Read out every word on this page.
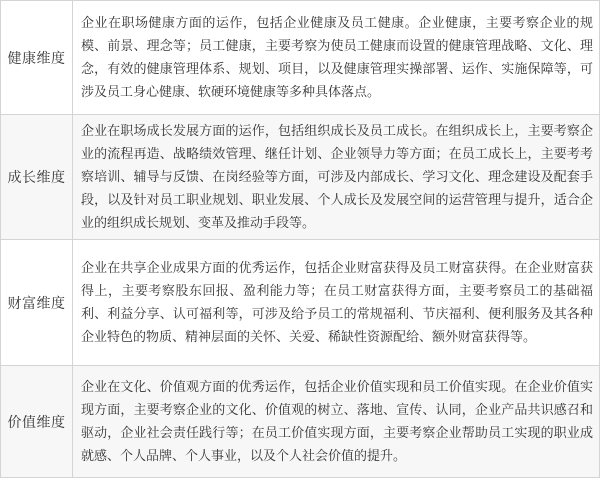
健康维度	企业在职场健康方面的运作，包括企业健康及员工健康。企业健康，主要考察企业的规模、前景、理念等；员工健康，主要考察为使员工健康而设置的健康管理战略、文化、理念，有效的健康管理体系、规划、项目，以及健康管理实操部署、运作、实施保障等，可涉及员工身心健康、软硬环境健康等多种具体落点。
成长维度	企业在职场成长发展方面的运作，包括组织成长及员工成长。在组织成长上，主要考察企业的流程再造、战略绩效管理、继任计划、企业领导力等方面；在员工成长上，主要考考察培训、辅导与反馈、在岗经验等方面，可涉及内部成长、学习文化、理念建设及配套手段，以及针对员工职业规划、职业发展、个人成长及发展空间的运营管理与提升，适合企业的组织成长规划、变革及推动手段等。
财富维度	企业在共享企业成果方面的优秀运作，包括企业财富获得及员工财富获得。在企业财富获得上，主要考察股东回报、盈利能力等；在员工财富获得方面，主要考察员工的基础福利、利益分享、认可福利等，可涉及给予员工的常规福利、节庆福利、便利服务及其各种企业特色的物质、精神层面的关怀、关爱、稀缺性资源配给、额外财富获得等。
价值维度	企业在文化、价值观方面的优秀运作，包括企业价值实现和员工价值实现。在企业价值实现方面，主要考察企业的文化、价值观的树立、落地、宣传、认同，企业产品共识感召和驱动，企业社会责任践行等；在员工价值实现方面，主要考察企业帮助员工实现的职业成就感、个人品牌、个人事业，以及个人社会价值的提升。
